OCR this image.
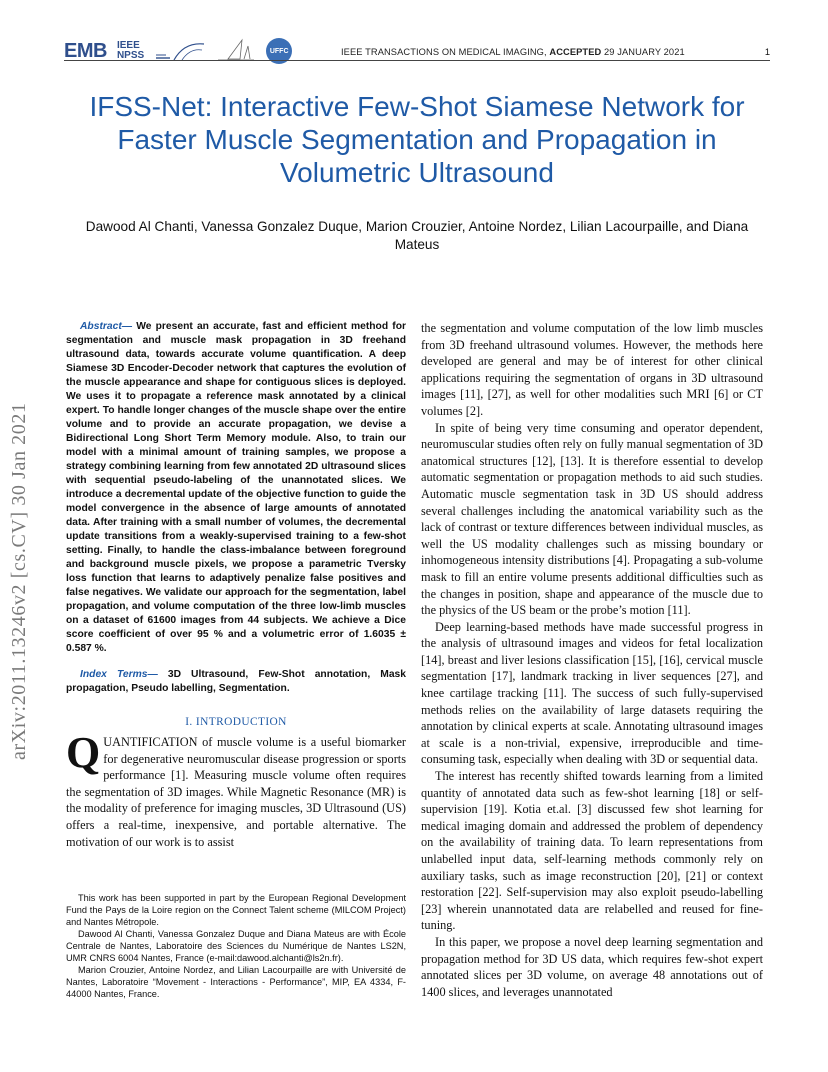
EMB IEEE
NPSS	UFFC	IEEE TRANSACTIONS ON MEDICAL IMAGING, ACCEPTED 29 JANUARY 2021	1
IFSS-Net: Interactive Few-Shot Siamese Network for Faster Muscle Segmentation and Propagation in Volumetric Ultrasound
Dawood Al Chanti, Vanessa Gonzalez Duque, Marion Crouzier, Antoine Nordez, Lilian Lacourpaille, and Diana Mateus
arXiv:2011.13246v2 [cs.CV] 30 Jan 2021

Abstract— We present an accurate, fast and efficient method for segmentation and muscle mask propagation in 3D freehand ultrasound data, towards accurate volume quantification. A deep Siamese 3D Encoder-Decoder network that captures the evolution of the muscle appearance and shape for contiguous slices is deployed. We uses it to propagate a reference mask annotated by a clinical expert. To handle longer changes of the muscle shape over the entire volume and to provide an accurate propagation, we devise a Bidirectional Long Short Term Memory module. Also, to train our model with a minimal amount of training samples, we propose a strategy combining learning from few annotated 2D ultrasound slices with sequential pseudo-labeling of the unannotated slices. We introduce a decremental update of the objective function to guide the model convergence in the absence of large amounts of annotated data. After training with a small number of volumes, the decremental update transitions from a weakly-supervised training to a few-shot setting. Finally, to handle the class-imbalance between foreground and background muscle pixels, we propose a parametric Tversky loss function that learns to adaptively penalize false positives and false negatives. We validate our approach for the segmentation, label propagation, and volume computation of the three low-limb muscles on a dataset of 61600 images from 44 subjects. We achieve a Dice score coefficient of over 95 % and a volumetric error of 1.6035 ± 0.587 %.

Index Terms— 3D Ultrasound, Few-Shot annotation, Mask propagation, Pseudo labelling, Segmentation.

I. INTRODUCTION

QUANTIFICATION of muscle volume is a useful biomarker for degenerative neuromuscular disease progression or sports performance [1]. Measuring muscle volume often requires the segmentation of 3D images. While Magnetic Resonance (MR) is the modality of preference for imaging muscles, 3D Ultrasound (US) offers a real-time, inexpensive, and portable alternative. The motivation of our work is to assist

This work has been supported in part by the European Regional Development Fund the Pays de la Loire region on the Connect Talent scheme (MILCOM Project) and Nantes Métropole.

Dawood Al Chanti, Vanessa Gonzalez Duque and Diana Mateus are with École Centrale de Nantes, Laboratoire des Sciences du Numérique de Nantes LS2N, UMR CNRS 6004 Nantes, France (e-mail:dawood.alchanti@ls2n.fr).

Marion Crouzier, Antoine Nordez, and Lilian Lacourpaille are with Université de Nantes, Laboratoire “Movement - Interactions - Performance”, MIP, EA 4334, F-44000 Nantes, France.

the segmentation and volume computation of the low limb muscles from 3D freehand ultrasound volumes. However, the methods here developed are general and may be of interest for other clinical applications requiring the segmentation of organs in 3D ultrasound images [11], [27], as well for other modalities such MRI [6] or CT volumes [2].

In spite of being very time consuming and operator dependent, neuromuscular studies often rely on fully manual segmentation of 3D anatomical structures [12], [13]. It is therefore essential to develop automatic segmentation or propagation methods to aid such studies. Automatic muscle segmentation task in 3D US should address several challenges including the anatomical variability such as the lack of contrast or texture differences between individual muscles, as well the US modality challenges such as missing boundary or inhomogeneous intensity distributions [4]. Propagating a sub-volume mask to fill an entire volume presents additional difficulties such as the changes in position, shape and appearance of the muscle due to the physics of the US beam or the probe’s motion [11].

Deep learning-based methods have made successful progress in the analysis of ultrasound images and videos for fetal localization [14], breast and liver lesions classification [15], [16], cervical muscle segmentation [17], landmark tracking in liver sequences [27], and knee cartilage tracking [11]. The success of such fully-supervised methods relies on the availability of large datasets requiring the annotation by clinical experts at scale. Annotating ultrasound images at scale is a non-trivial, expensive, irreproducible and time-consuming task, especially when dealing with 3D or sequential data.

The interest has recently shifted towards learning from a limited quantity of annotated data such as few-shot learning [18] or self-supervision [19]. Kotia et.al. [3] discussed few shot learning for medical imaging domain and addressed the problem of dependency on the availability of training data. To learn representations from unlabelled input data, self-learning methods commonly rely on auxiliary tasks, such as image reconstruction [20], [21] or context restoration [22]. Self-supervision may also exploit pseudo-labelling [23] wherein unannotated data are relabelled and reused for fine-tuning.

In this paper, we propose a novel deep learning segmentation and propagation method for 3D US data, which requires few-shot expert annotated slices per 3D volume, on average 48 annotations out of 1400 slices, and leverages unannotated
